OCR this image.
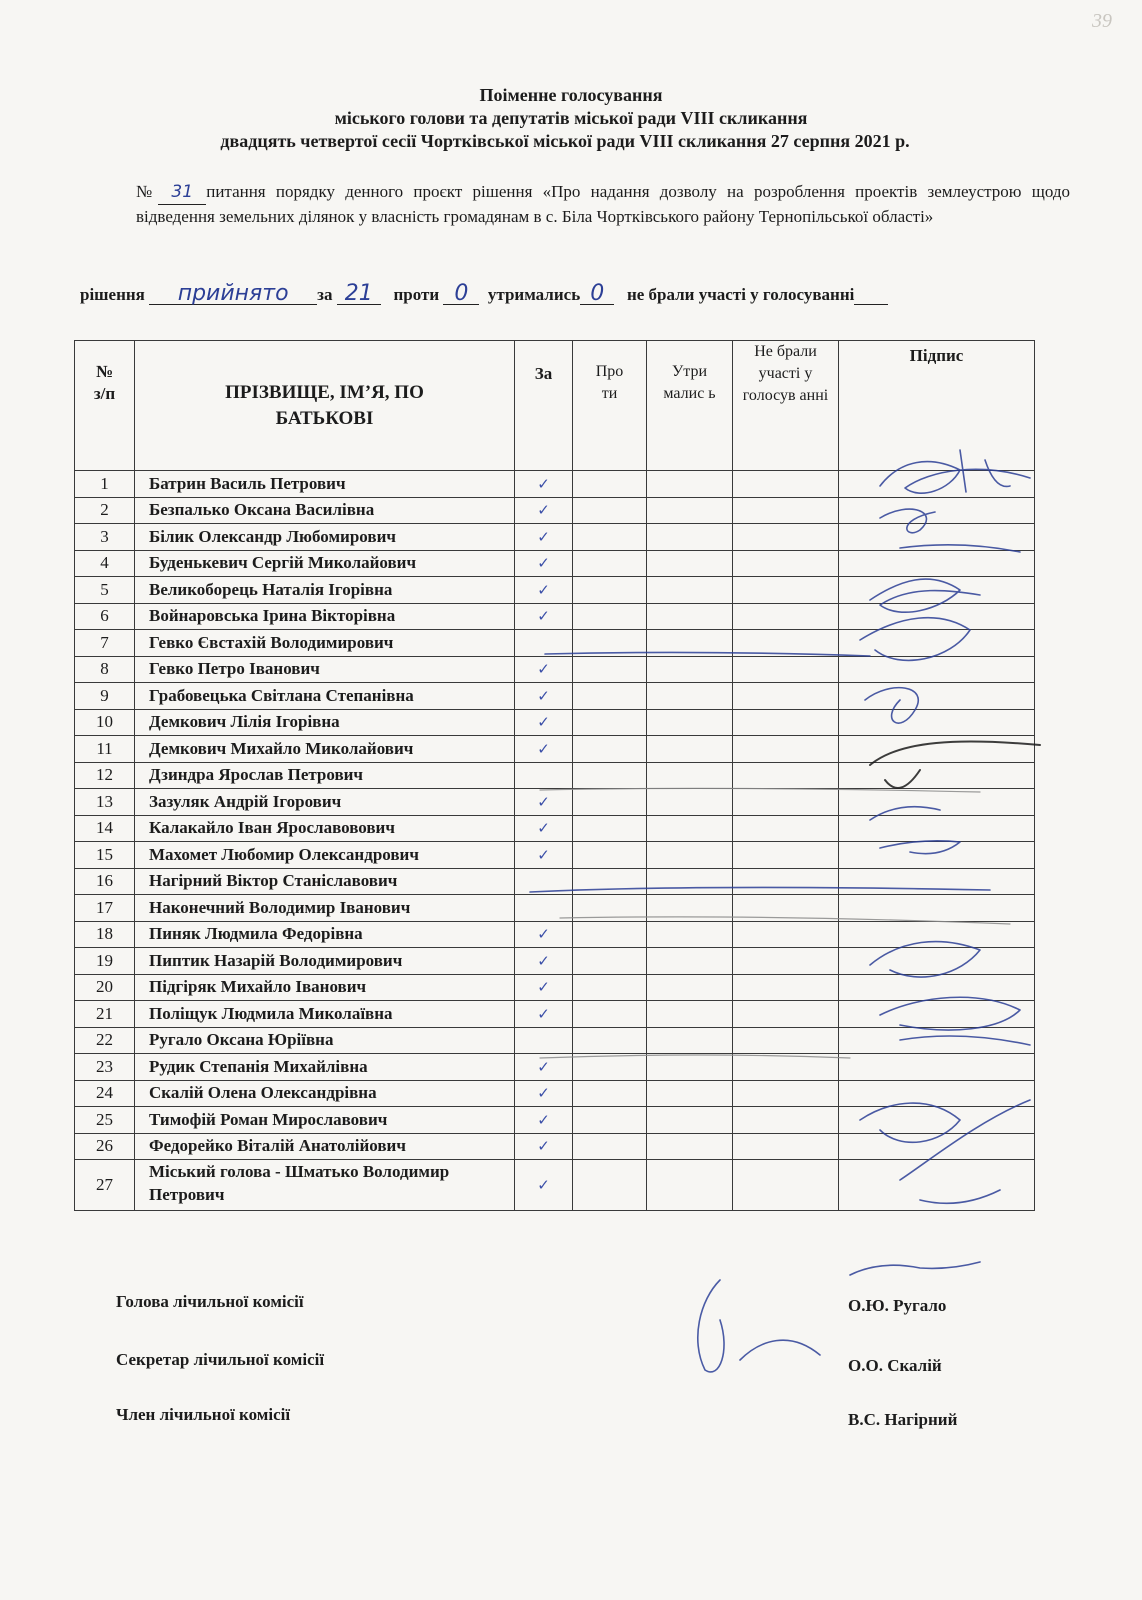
39
Поіменне голосування
міського голови та депутатів міської ради VIII скликання
двадцять четвертої сесії Чортківської міської ради VIII скликання 27 серпня 2021 р.
№ 31 питання порядку денного проєкт рішення «Про надання дозволу на розроблення проектів землеустрою щодо відведення земельних ділянок у власність громадянам в с. Біла Чортківського району Тернопільської області»
рішення прийнято за 21 проти 0 утримались 0 не брали участі у голосуванні
№ з/п	ПРІЗВИЩЕ, ІМ’Я, ПО БАТЬКОВІ	За	Про ти	Утри малис ь	Не брали участі у голосув анні	Підпис
1	Батрин Василь Петрович	✓				
2	Безпалько Оксана Василівна	✓				
3	Білик Олександр Любомирович	✓				
4	Буденькевич Сергій Миколайович	✓				
5	Великоборець Наталія Ігорівна	✓				
6	Войнаровська Ірина Вікторівна	✓				
7	Гевко Євстахій Володимирович					
8	Гевко Петро Іванович	✓				
9	Грабовецька Світлана Степанівна	✓				
10	Демкович Лілія Ігорівна	✓				
11	Демкович Михайло Миколайович	✓				
12	Дзиндра Ярослав Петрович					
13	Зазуляк Андрій Ігорович	✓				
14	Калакайло Іван Ярославовович	✓				
15	Махомет Любомир Олександрович	✓				
16	Нагірний Віктор Станіславович					
17	Наконечний Володимир Іванович					
18	Пиняк Людмила Федорівна	✓				
19	Пиптик Назарій Володимирович	✓				
20	Підгіряк Михайло Іванович	✓				
21	Поліщук Людмила Миколаївна	✓				
22	Ругало Оксана Юріївна					
23	Рудик Степанія Михайлівна	✓				
24	Скалій Олена Олександрівна	✓				
25	Тимофій Роман Мирославович	✓				
26	Федорейко Віталій Анатолійович	✓				
27	Міський голова - Шматько Володимир Петрович	✓				
Голова лічильної комісії	О.Ю. Ругало
Секретар лічильної комісії	О.О. Скалій
Член лічильної комісії	В.С. Нагірний
